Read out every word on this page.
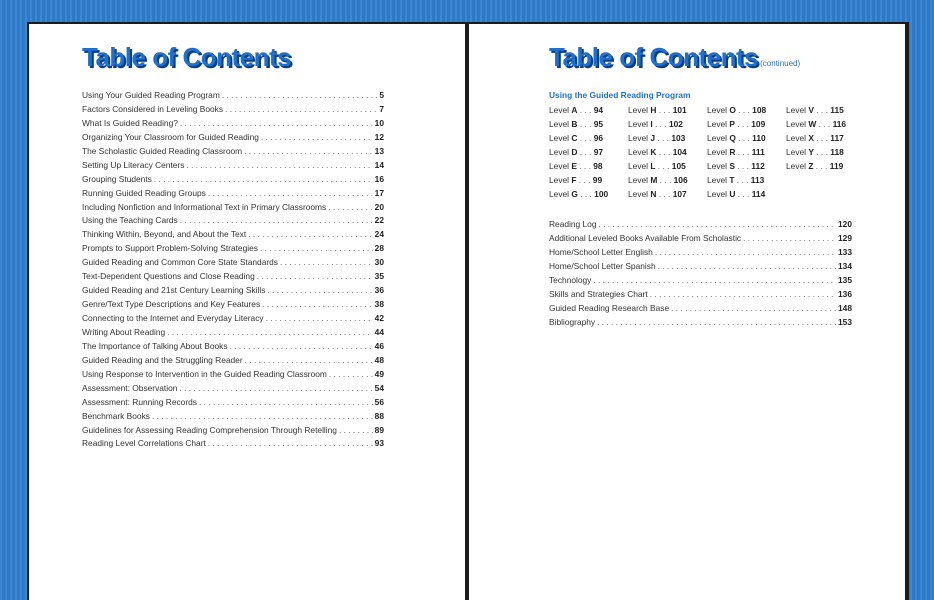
Table of Contents
Using Your Guided Reading Program . . .	5
Factors Considered in Leveling Books . . .	7
What Is Guided Reading? . . .	10
Organizing Your Classroom for Guided Reading . . .	12
The Scholastic Guided Reading Classroom . . .	13
Setting Up Literacy Centers . . .	14
Grouping Students . . .	16
Running Guided Reading Groups . . .	17
Including Nonfiction and Informational Text in Primary Classrooms . . .	20
Using the Teaching Cards . . .	22
Thinking Within, Beyond, and About the Text . . .	24
Prompts to Support Problem-Solving Strategies . . .	28
Guided Reading and Common Core State Standards . . .	30
Text-Dependent Questions and Close Reading . . .	35
Guided Reading and 21st Century Learning Skills . . .	36
Genre/Text Type Descriptions and Key Features . . .	38
Connecting to the Internet and Everyday Literacy . . .	42
Writing About Reading . . .	44
The Importance of Talking About Books . . .	46
Guided Reading and the Struggling Reader . . .	48
Using Response to Intervention in the Guided Reading Classroom . . .	49
Assessment: Observation . . .	54
Assessment: Running Records . . .	56
Benchmark Books . . .	88
Guidelines for Assessing Reading Comprehension Through Retelling . . .	89
Reading Level Correlations Chart . . .	93
Table of Contents (continued)
Using the Guided Reading Program
Level A . . . 94
Level B . . . 95
Level C . . . 96
Level D . . . 97
Level E . . . 98
Level F . . . 99
Level G . . . 100
Level H . . . 101
Level I . . . 102
Level J . . . 103
Level K . . . 104
Level L . . . 105
Level M . . . 106
Level N . . . 107
Level O . . . 108
Level P . . . 109
Level Q . . . 110
Level R . . . 111
Level S . . . 112
Level T . . . 113
Level U . . . 114
Level V . . . 115
Level W . . . 116
Level X . . . 117
Level Y . . . 118
Level Z . . . 119
Reading Log . . .	120
Additional Leveled Books Available From Scholastic . . .	129
Home/School Letter English . . .	133
Home/School Letter Spanish . . .	134
Technology . . .	135
Skills and Strategies Chart . . .	136
Guided Reading Research Base . . .	148
Bibliography . . .	153
